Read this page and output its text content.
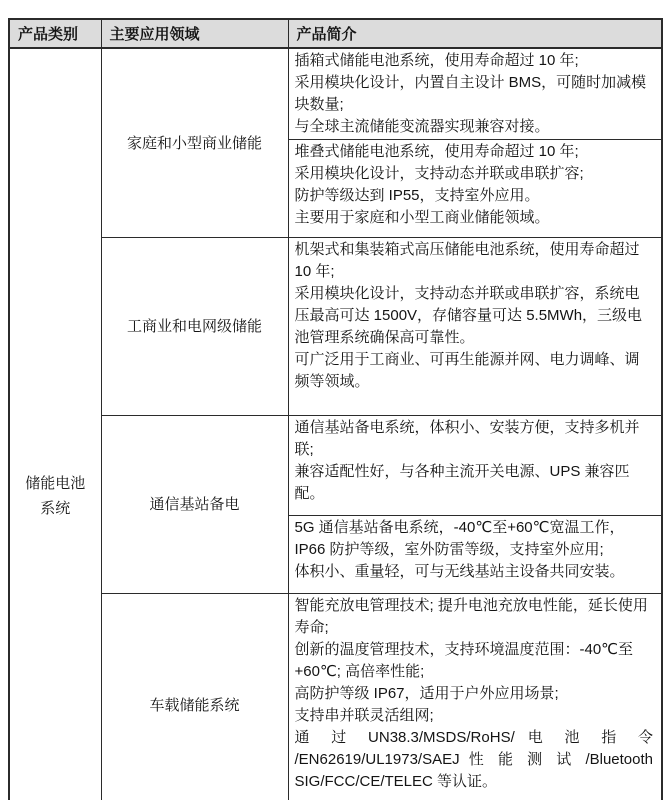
产品类别	主要应用领域	产品简介

储能电池
系统
	家庭和小型商业储能	
插箱式储能电池系统，使用寿命超过 10 年;
采用模块化设计，内置自主设计 BMS，可随时加减模块数量;
与全球主流储能变流器实现兼容对接。

		堆叠式储能电池系统，使用寿命超过 10 年;
采用模块化设计，支持动态并联或串联扩容;
防护等级达到 IP55，支持室外应用。
主要用于家庭和小型工商业储能领域。

	工商业和电网级储能	机架式和集装箱式高压储能电池系统，使用寿命超过 10 年;
采用模块化设计，支持动态并联或串联扩容，系统电压最高可达 1500V，存储容量可达 5.5MWh，三级电池管理系统确保高可靠性。
可广泛用于工商业、可再生能源并网、电力调峰、调频等领域。

	通信基站备电	通信基站备电系统，体积小、安装方便，支持多机并联;
兼容适配性好，与各种主流开关电源、UPS 兼容匹配。

		5G 通信基站备电系统，-40℃至+60℃宽温工作，IP66 防护等级，室外防雷等级，支持室外应用;
体积小、重量轻，可与无线基站主设备共同安装。

	车载储能系统	智能充放电管理技术; 提升电池充放电性能，延长使用寿命;
创新的温度管理技术，支持环境温度范围：-40℃至+60℃; 高倍率性能;
高防护等级 IP67，适用于户外应用场景;
支持串并联灵活组网;
通 过 UN38.3/MSDS/RoHS/ 电 池 指 令 /EN62619/UL1973/SAEJ 性 能 测 试 /Bluetooth SIG/FCC/CE/TELEC 等认证。
